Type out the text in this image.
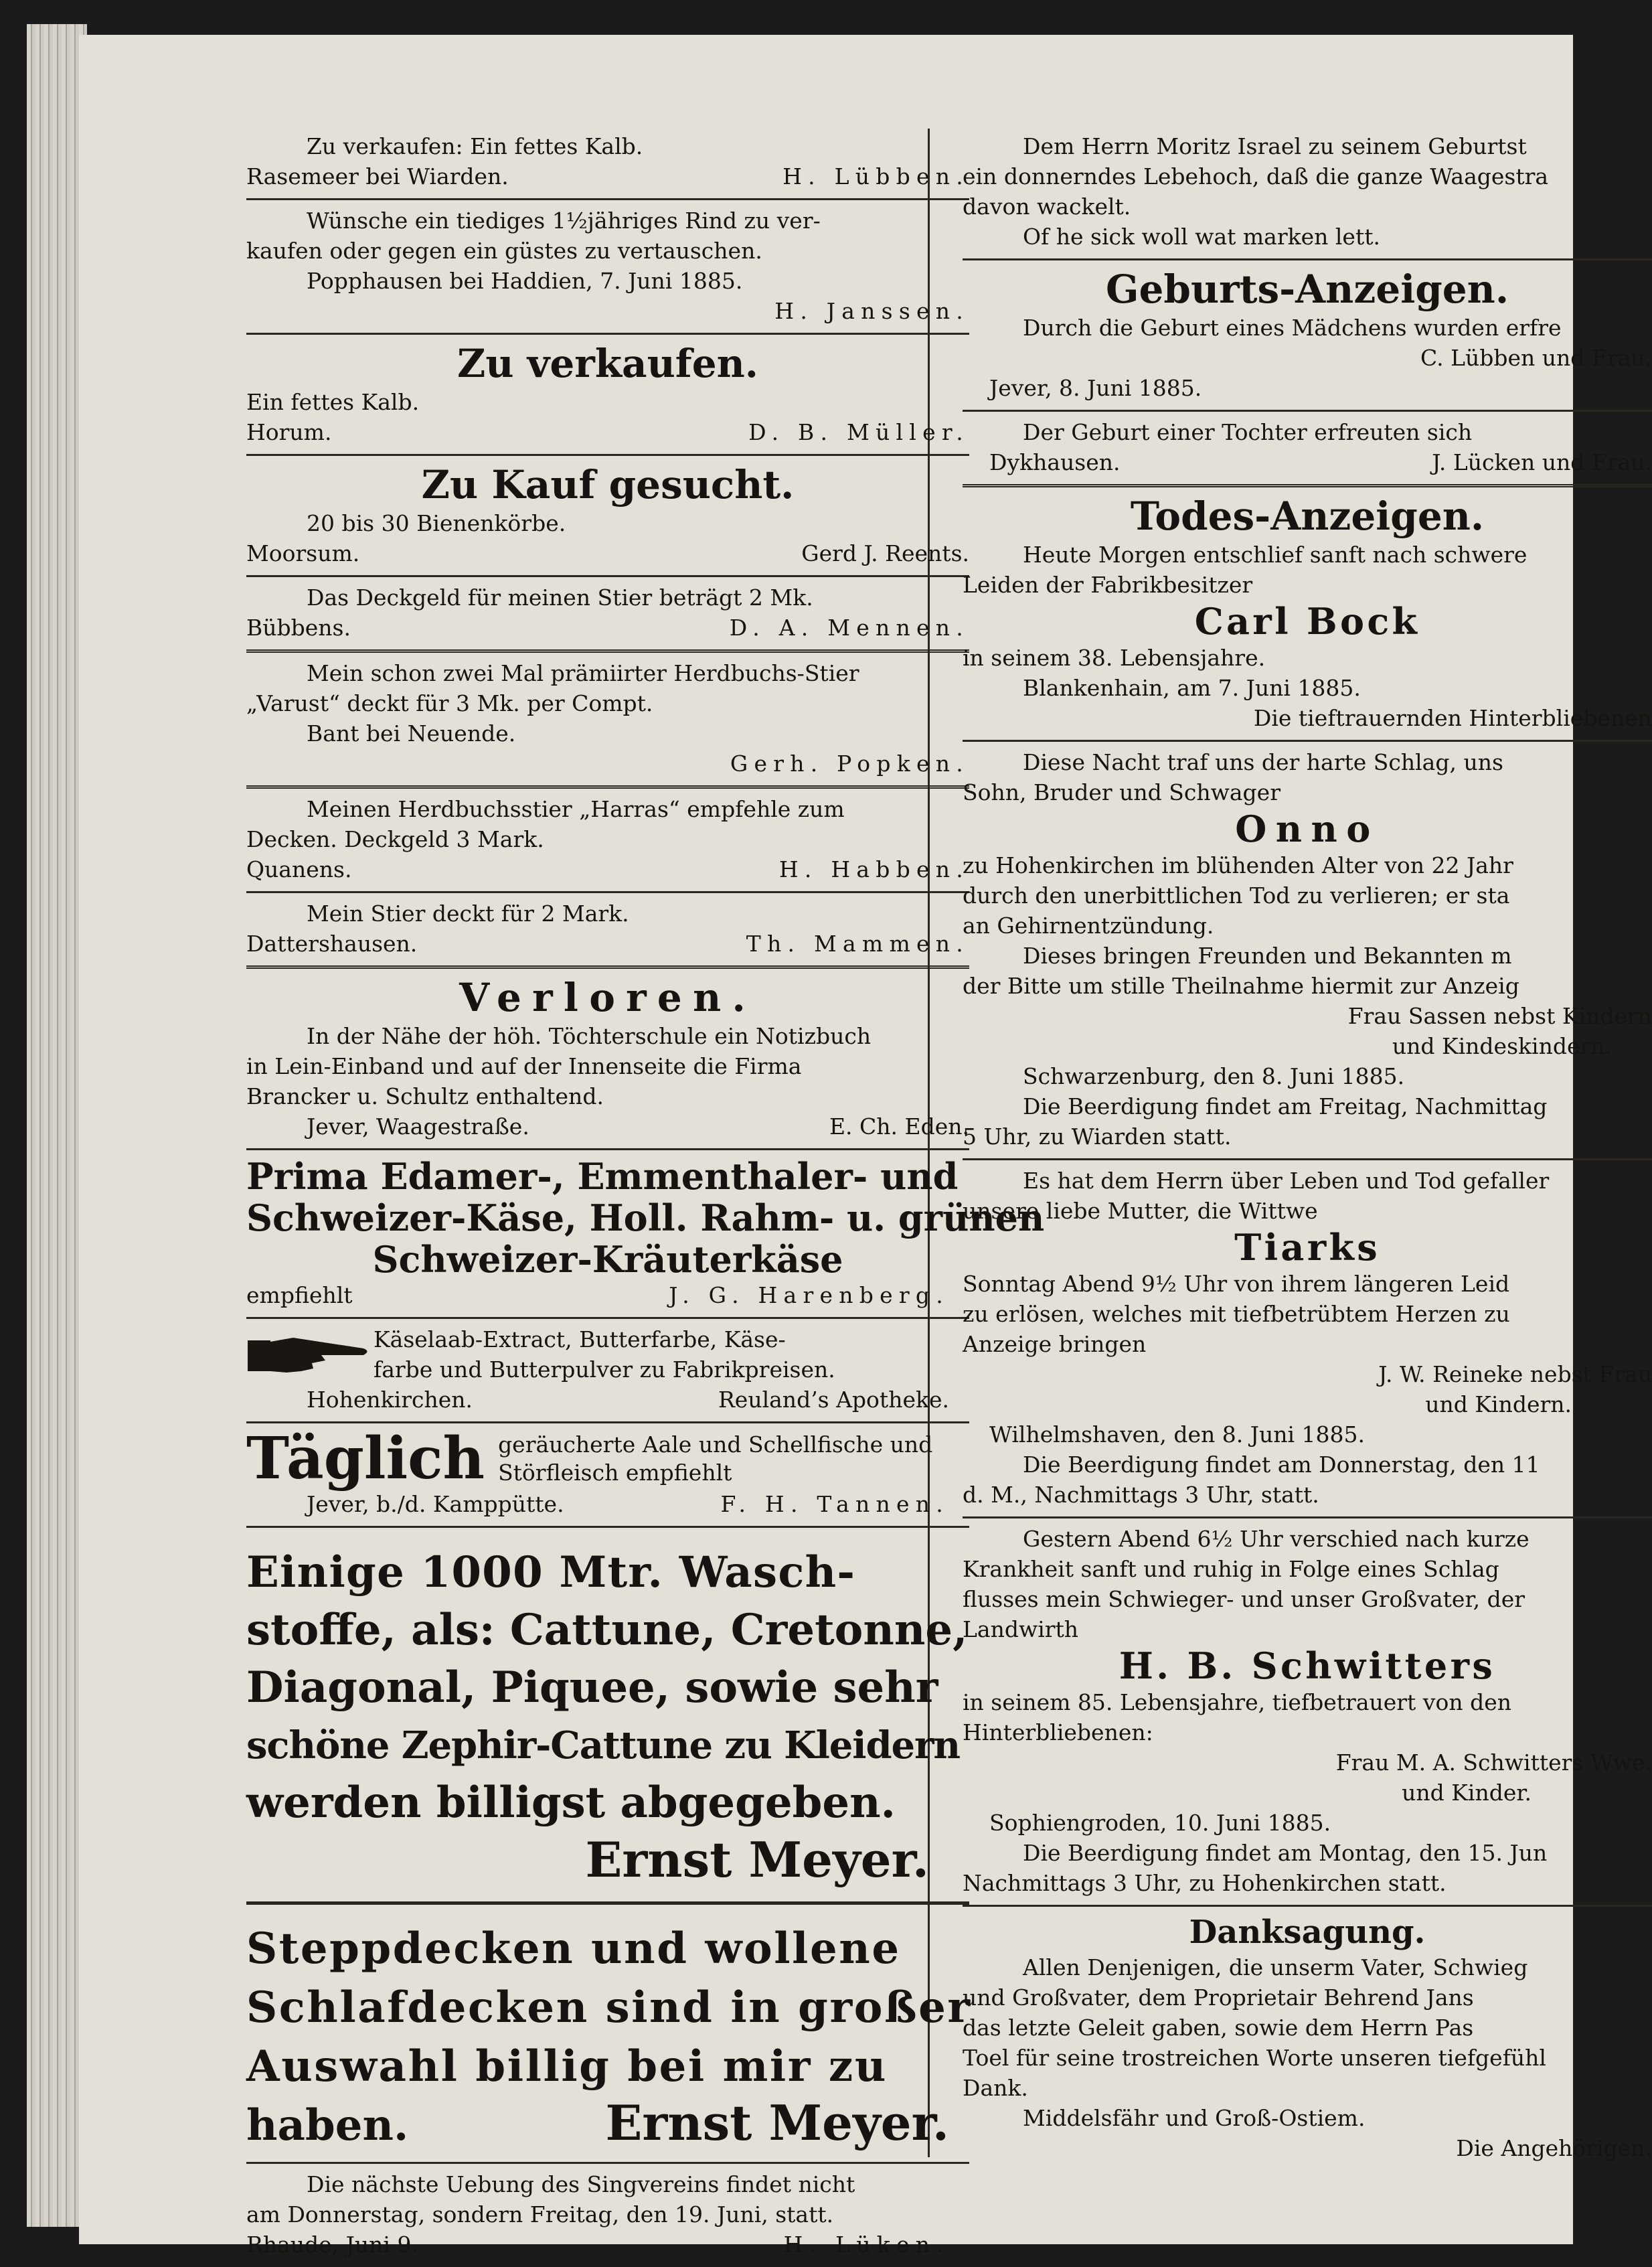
Zu verkaufen: Ein fettes Kalb.
Rasemeer bei Wiarden.	H. Lübben.
Wünsche ein tiediges 1½jähriges Rind zu ver-
kaufen oder gegen ein güstes zu vertauschen.
Popphausen bei Haddien, 7. Juni 1885.
H. Janssen.
Zu verkaufen.
Ein fettes Kalb.
Horum.	D. B. Müller.
Zu Kauf gesucht.
20 bis 30 Bienenkörbe.
Moorsum.	Gerd J. Reents.
Das Deckgeld für meinen Stier beträgt 2 Mk.
Bübbens.	D. A. Mennen.
Mein schon zwei Mal prämiirter Herdbuchs-Stier
„Varust“ deckt für 3 Mk. per Compt.
Bant bei Neuende.
Gerh. Popken.
Meinen Herdbuchsstier „Harras“ empfehle zum
Decken. Deckgeld 3 Mark.
Quanens.	H. Habben.
Mein Stier deckt für 2 Mark.
Dattershausen.	Th. Mammen.
Verloren.
In der Nähe der höh. Töchterschule ein Notizbuch
in Lein-Einband und auf der Innenseite die Firma
Brancker u. Schultz enthaltend.
Jever, Waagestraße.	E. Ch. Eden.
Prima Edamer-, Emmenthaler- und
Schweizer-Käse, Holl. Rahm- u. grünen
Schweizer-Kräuterkäse
empfiehlt	J. G. Harenberg.
Käselaab-Extract, Butterfarbe, Käse-
farbe und Butterpulver zu Fabrikpreisen.
Hohenkirchen.	Reuland’s Apotheke.
Täglich geräucherte Aale und Schellfische und
Störfleisch empfiehlt
Jever, b./d. Kamppütte.	F. H. Tannen.
Einige 1000 Mtr. Wasch-
stoffe, als: Cattune, Cretonne,
Diagonal, Piquee, sowie sehr
schöne Zephir-Cattune zu Kleidern
werden billigst abgegeben.
Ernst Meyer.
Steppdecken und wollene
Schlafdecken sind in großer
Auswahl billig bei mir zu
haben.	Ernst Meyer.
Die nächste Uebung des Singvereins findet nicht
am Donnerstag, sondern Freitag, den 19. Juni, statt.
Rhaude, Juni 9.	H. Lüken.
Dem Herrn Moritz Israel zu seinem Geburtst
ein donnerndes Lebehoch, daß die ganze Waagestra
davon wackelt.
Of he sick woll wat marken lett.
Geburts-Anzeigen.
Durch die Geburt eines Mädchens wurden erfre
C. Lübben und Frau.
Jever, 8. Juni 1885.
Der Geburt einer Tochter erfreuten sich
Dykhausen.	J. Lücken und Frau.
Todes-Anzeigen.
Heute Morgen entschlief sanft nach schwere
Leiden der Fabrikbesitzer
Carl Bock
in seinem 38. Lebensjahre.
Blankenhain, am 7. Juni 1885.
Die tieftrauernden Hinterbliebenen
Diese Nacht traf uns der harte Schlag, uns
Sohn, Bruder und Schwager
Onno
zu Hohenkirchen im blühenden Alter von 22 Jahr
durch den unerbittlichen Tod zu verlieren; er sta
an Gehirnentzündung.
Dieses bringen Freunden und Bekannten m
der Bitte um stille Theilnahme hiermit zur Anzeig
Frau Sassen nebst Kindern
und Kindeskindern.
Schwarzenburg, den 8. Juni 1885.
Die Beerdigung findet am Freitag, Nachmittag
5 Uhr, zu Wiarden statt.
Es hat dem Herrn über Leben und Tod gefaller
unsere liebe Mutter, die Wittwe
Tiarks
Sonntag Abend 9½ Uhr von ihrem längeren Leid
zu erlösen, welches mit tiefbetrübtem Herzen zu
Anzeige bringen
J. W. Reineke nebst Frau
und Kindern.
Wilhelmshaven, den 8. Juni 1885.
Die Beerdigung findet am Donnerstag, den 11
d. M., Nachmittags 3 Uhr, statt.
Gestern Abend 6½ Uhr verschied nach kurze
Krankheit sanft und ruhig in Folge eines Schlag
flusses mein Schwieger- und unser Großvater, der
Landwirth
H. B. Schwitters
in seinem 85. Lebensjahre, tiefbetrauert von den
Hinterbliebenen:
Frau M. A. Schwitters Wwe.
und Kinder.
Sophiengroden, 10. Juni 1885.
Die Beerdigung findet am Montag, den 15. Jun
Nachmittags 3 Uhr, zu Hohenkirchen statt.
Danksagung.
Allen Denjenigen, die unserm Vater, Schwieg
und Großvater, dem Proprietair Behrend Jans
das letzte Geleit gaben, sowie dem Herrn Pas
Toel für seine trostreichen Worte unseren tiefgefühl
Dank.
Middelsfähr und Groß-Ostiem.
Die Angehörigen.
